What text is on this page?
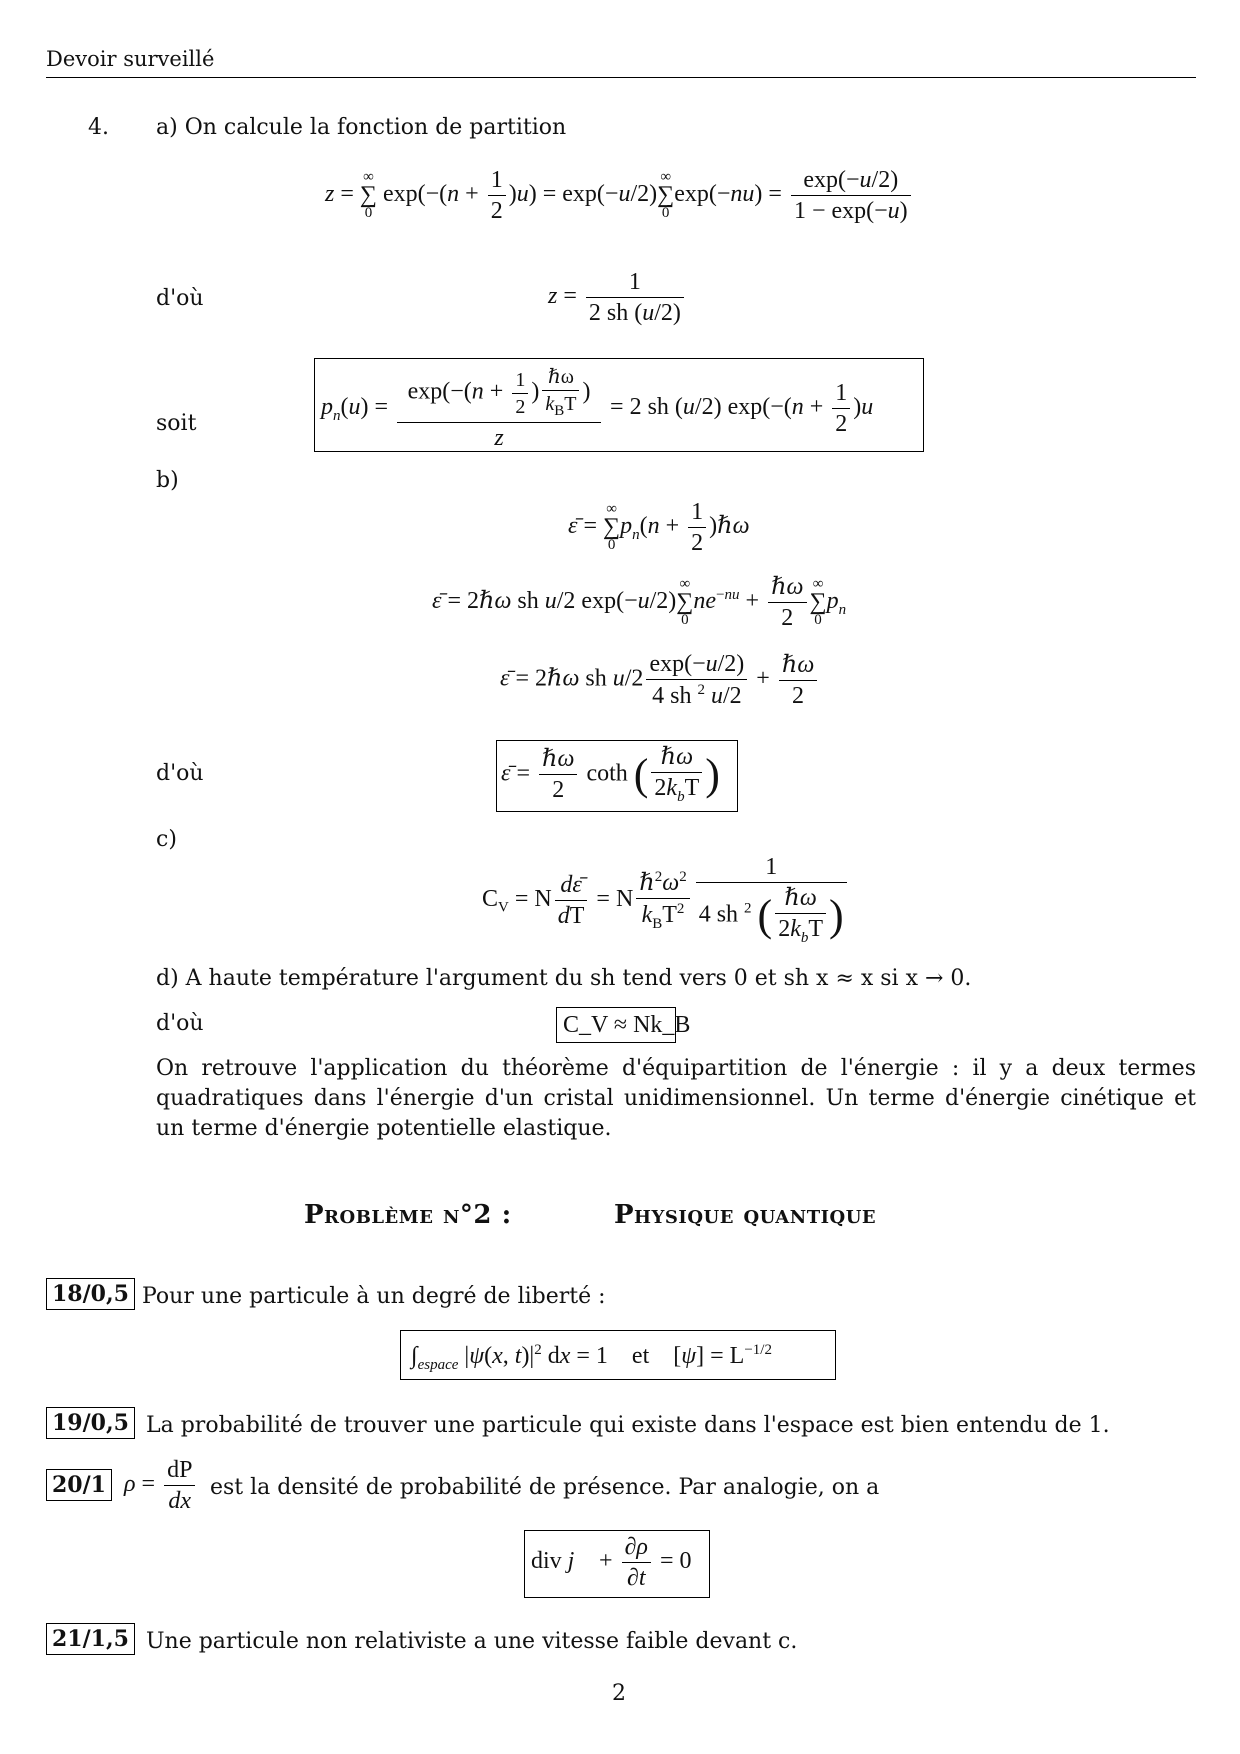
Devoir surveillé
4. a) On calcule la fonction de partition
z =
∞
∑
0
$\exp(-(n + \frac{1}{2} )u) = \exp(-u/2)$
∞
∑
0
$\exp(-nu) = \frac{\exp(-u/2)}{1 - \exp(-u)}$
d'où	$z = \frac{1}{2 sh (u/2)}$
soit
$p_n(u) = \frac{\exp(-(n + \frac{1}{2} ) \frac{\text{ℏω}}{k_BT} )}{z} = 2$ sh (u/2) $\exp(-(n + \frac{1}{2} )u$
b)
ε̄ =
∞
∑
0
$p_n(n + \frac{1}{2}$ )ℏω
ε̄ = 2ℏω sh u/2 exp(−u/2)
∞
∑
0
$ne^{-nu} + \frac{\text{ℏω}}{2}$ ∞
∑
0
$p_n$
ε̄ = 2ℏω sh $u/2 \frac{\exp(-u/2)}{4 sh ^2 u/2} + \frac{\text{ℏω}}{2}$
d'où	ε̄ = $\frac{\text{ℏω}}{2}$ coth ( $\frac{\text{ℏω}}{2k_bT}$ )
c)
$C_V = N \frac{d\varepsilon̄}{dT} = N \frac{\hbar^2\omega^2}{k_BT^2} \frac{1}{4 sh ^2 ( \frac{\text{ℏω}}{2k_bT} )}$
d) A haute température l'argument du sh tend vers 0 et sh x ≈ x si x → 0.
d'où	C_V ≈ Nk_B
On retrouve l'application du théorème d'équipartition de l'énergie : il y a deux termes quadratiques dans l'énergie d'un cristal unidimensionnel. Un terme d'énergie cinétique et un terme d'énergie potentielle elastique.
Problème n°2 :	Physique quantique
18/0,5 Pour une particule à un degré de liberté :
$\int_{espace}$ |ψ(x, $t)|^2$ dx = 1    et    $[\psi] = L^{-1/2}$
19/0,5 La probabilité de trouver une particule qui existe dans l'espace est bien entendu de 1.
20/1 $\rho = \frac{dP}{dx}$ est la densité de probabilité de présence. Par analogie, on a
div j⃗ + $\frac{\partial\rho}{\partial t} = 0$
21/1,5 Une particule non relativiste a une vitesse faible devant c.
2
